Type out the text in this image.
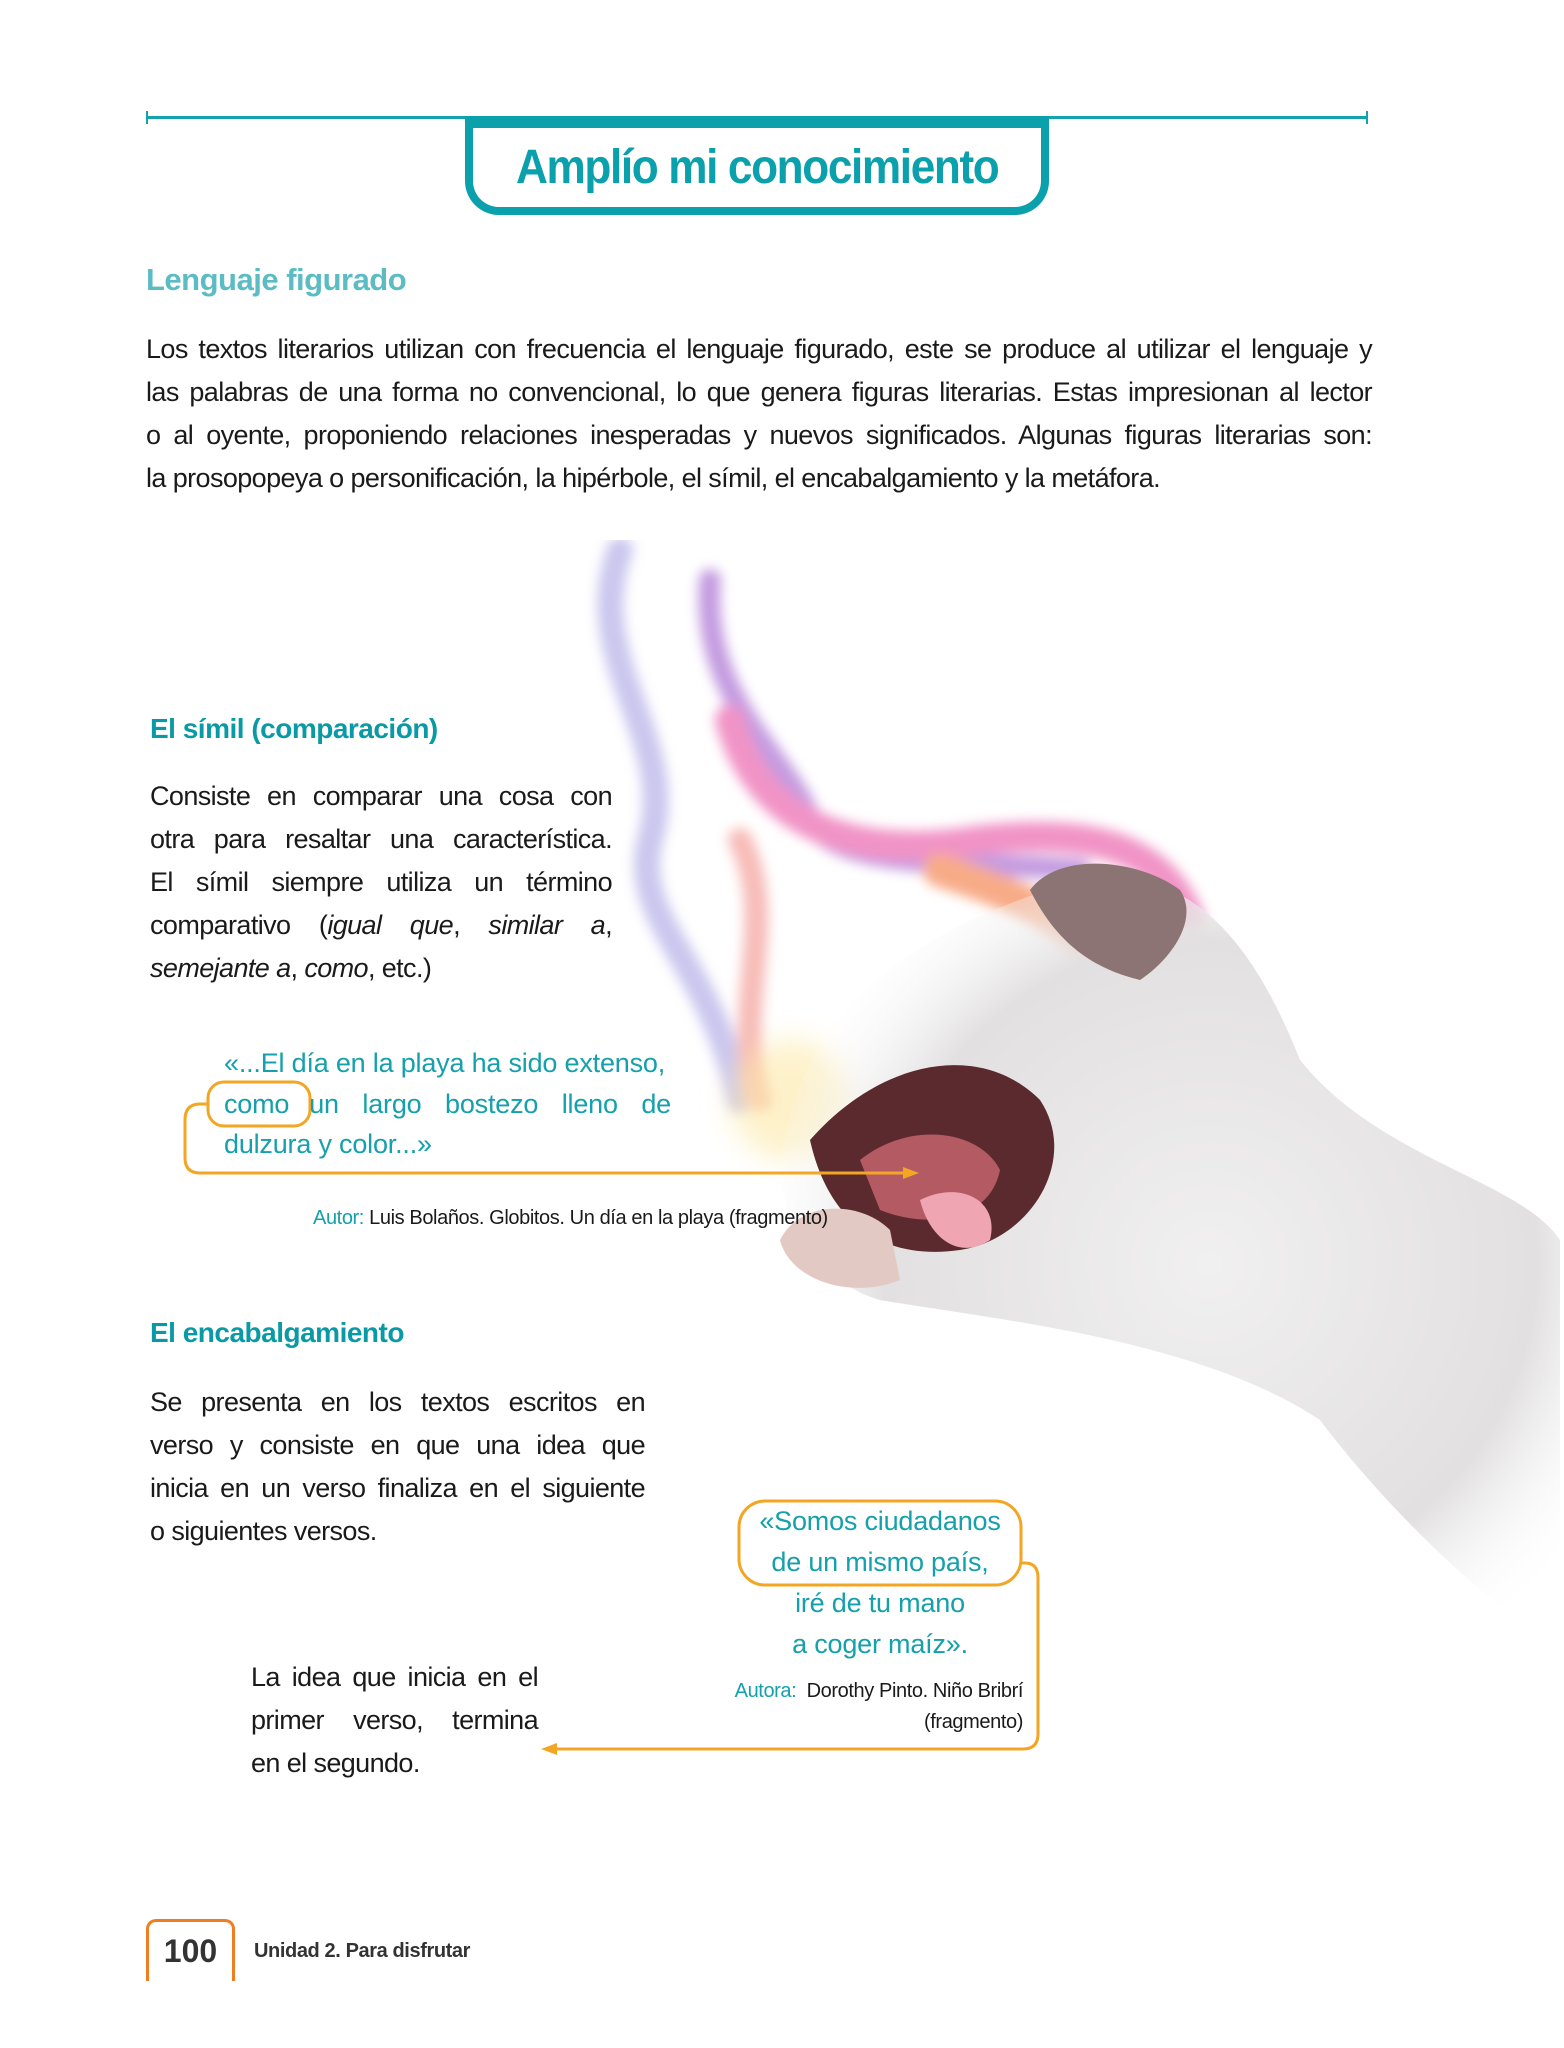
Amplío mi conocimiento
Lenguaje figurado
Los textos literarios utilizan con frecuencia el lenguaje figurado, este se produce al utilizar el lenguaje y
las palabras de una forma no convencional, lo que genera figuras literarias. Estas impresionan al lector
o al oyente, proponiendo relaciones inesperadas y nuevos significados. Algunas figuras literarias son:
la prosopopeya o personificación, la hipérbole, el símil, el encabalgamiento y la metáfora.
El símil (comparación)
Consiste en comparar una cosa con
otra para resaltar una característica.
El símil siempre utiliza un término
comparativo (igual que, similar a,
semejante a, como, etc.)
«...El día en la playa ha sido extenso,
como un largo bostezo lleno de
dulzura y color...»
Autor: Luis Bolaños. Globitos. Un día en la playa (fragmento)
El encabalgamiento
Se presenta en los textos escritos en
verso y consiste en que una idea que
inicia en un verso finaliza en el siguiente
o siguientes versos.	«Somos ciudadanos
de un mismo país,
iré de tu mano
a coger maíz».
Autora: Dorothy Pinto. Niño Bribrí
(fragmento)
La idea que inicia en el
primer verso, termina
en el segundo.
100	Unidad 2. Para disfrutar
